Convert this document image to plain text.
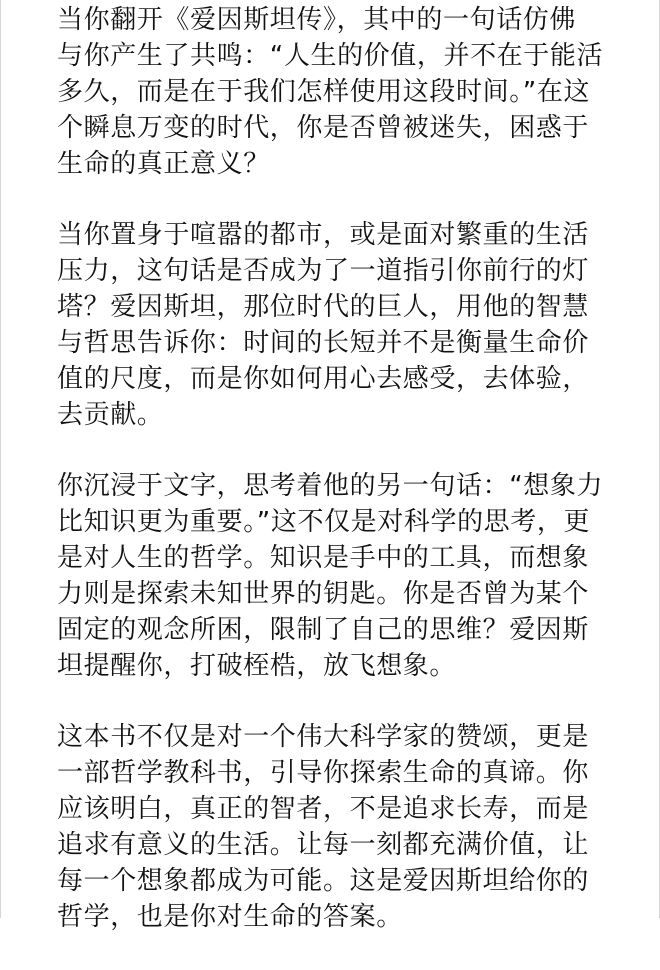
当你翻开《爱因斯坦传》，其中的一句话仿佛
与你产生了共鸣：“人生的价值，并不在于能活
多久，而是在于我们怎样使用这段时间。”在这
个瞬息万变的时代，你是否曾被迷失，困惑于
生命的真正意义？

当你置身于喧嚣的都市，或是面对繁重的生活
压力，这句话是否成为了一道指引你前行的灯
塔？爱因斯坦，那位时代的巨人，用他的智慧
与哲思告诉你：时间的长短并不是衡量生命价
值的尺度，而是你如何用心去感受，去体验，
去贡献。

你沉浸于文字，思考着他的另一句话：“想象力
比知识更为重要。”这不仅是对科学的思考，更
是对人生的哲学。知识是手中的工具，而想象
力则是探索未知世界的钥匙。你是否曾为某个
固定的观念所困，限制了自己的思维？爱因斯
坦提醒你，打破桎梏，放飞想象。

这本书不仅是对一个伟大科学家的赞颂，更是
一部哲学教科书，引导你探索生命的真谛。你
应该明白，真正的智者，不是追求长寿，而是
追求有意义的生活。让每一刻都充满价值，让
每一个想象都成为可能。这是爱因斯坦给你的
哲学，也是你对生命的答案。
